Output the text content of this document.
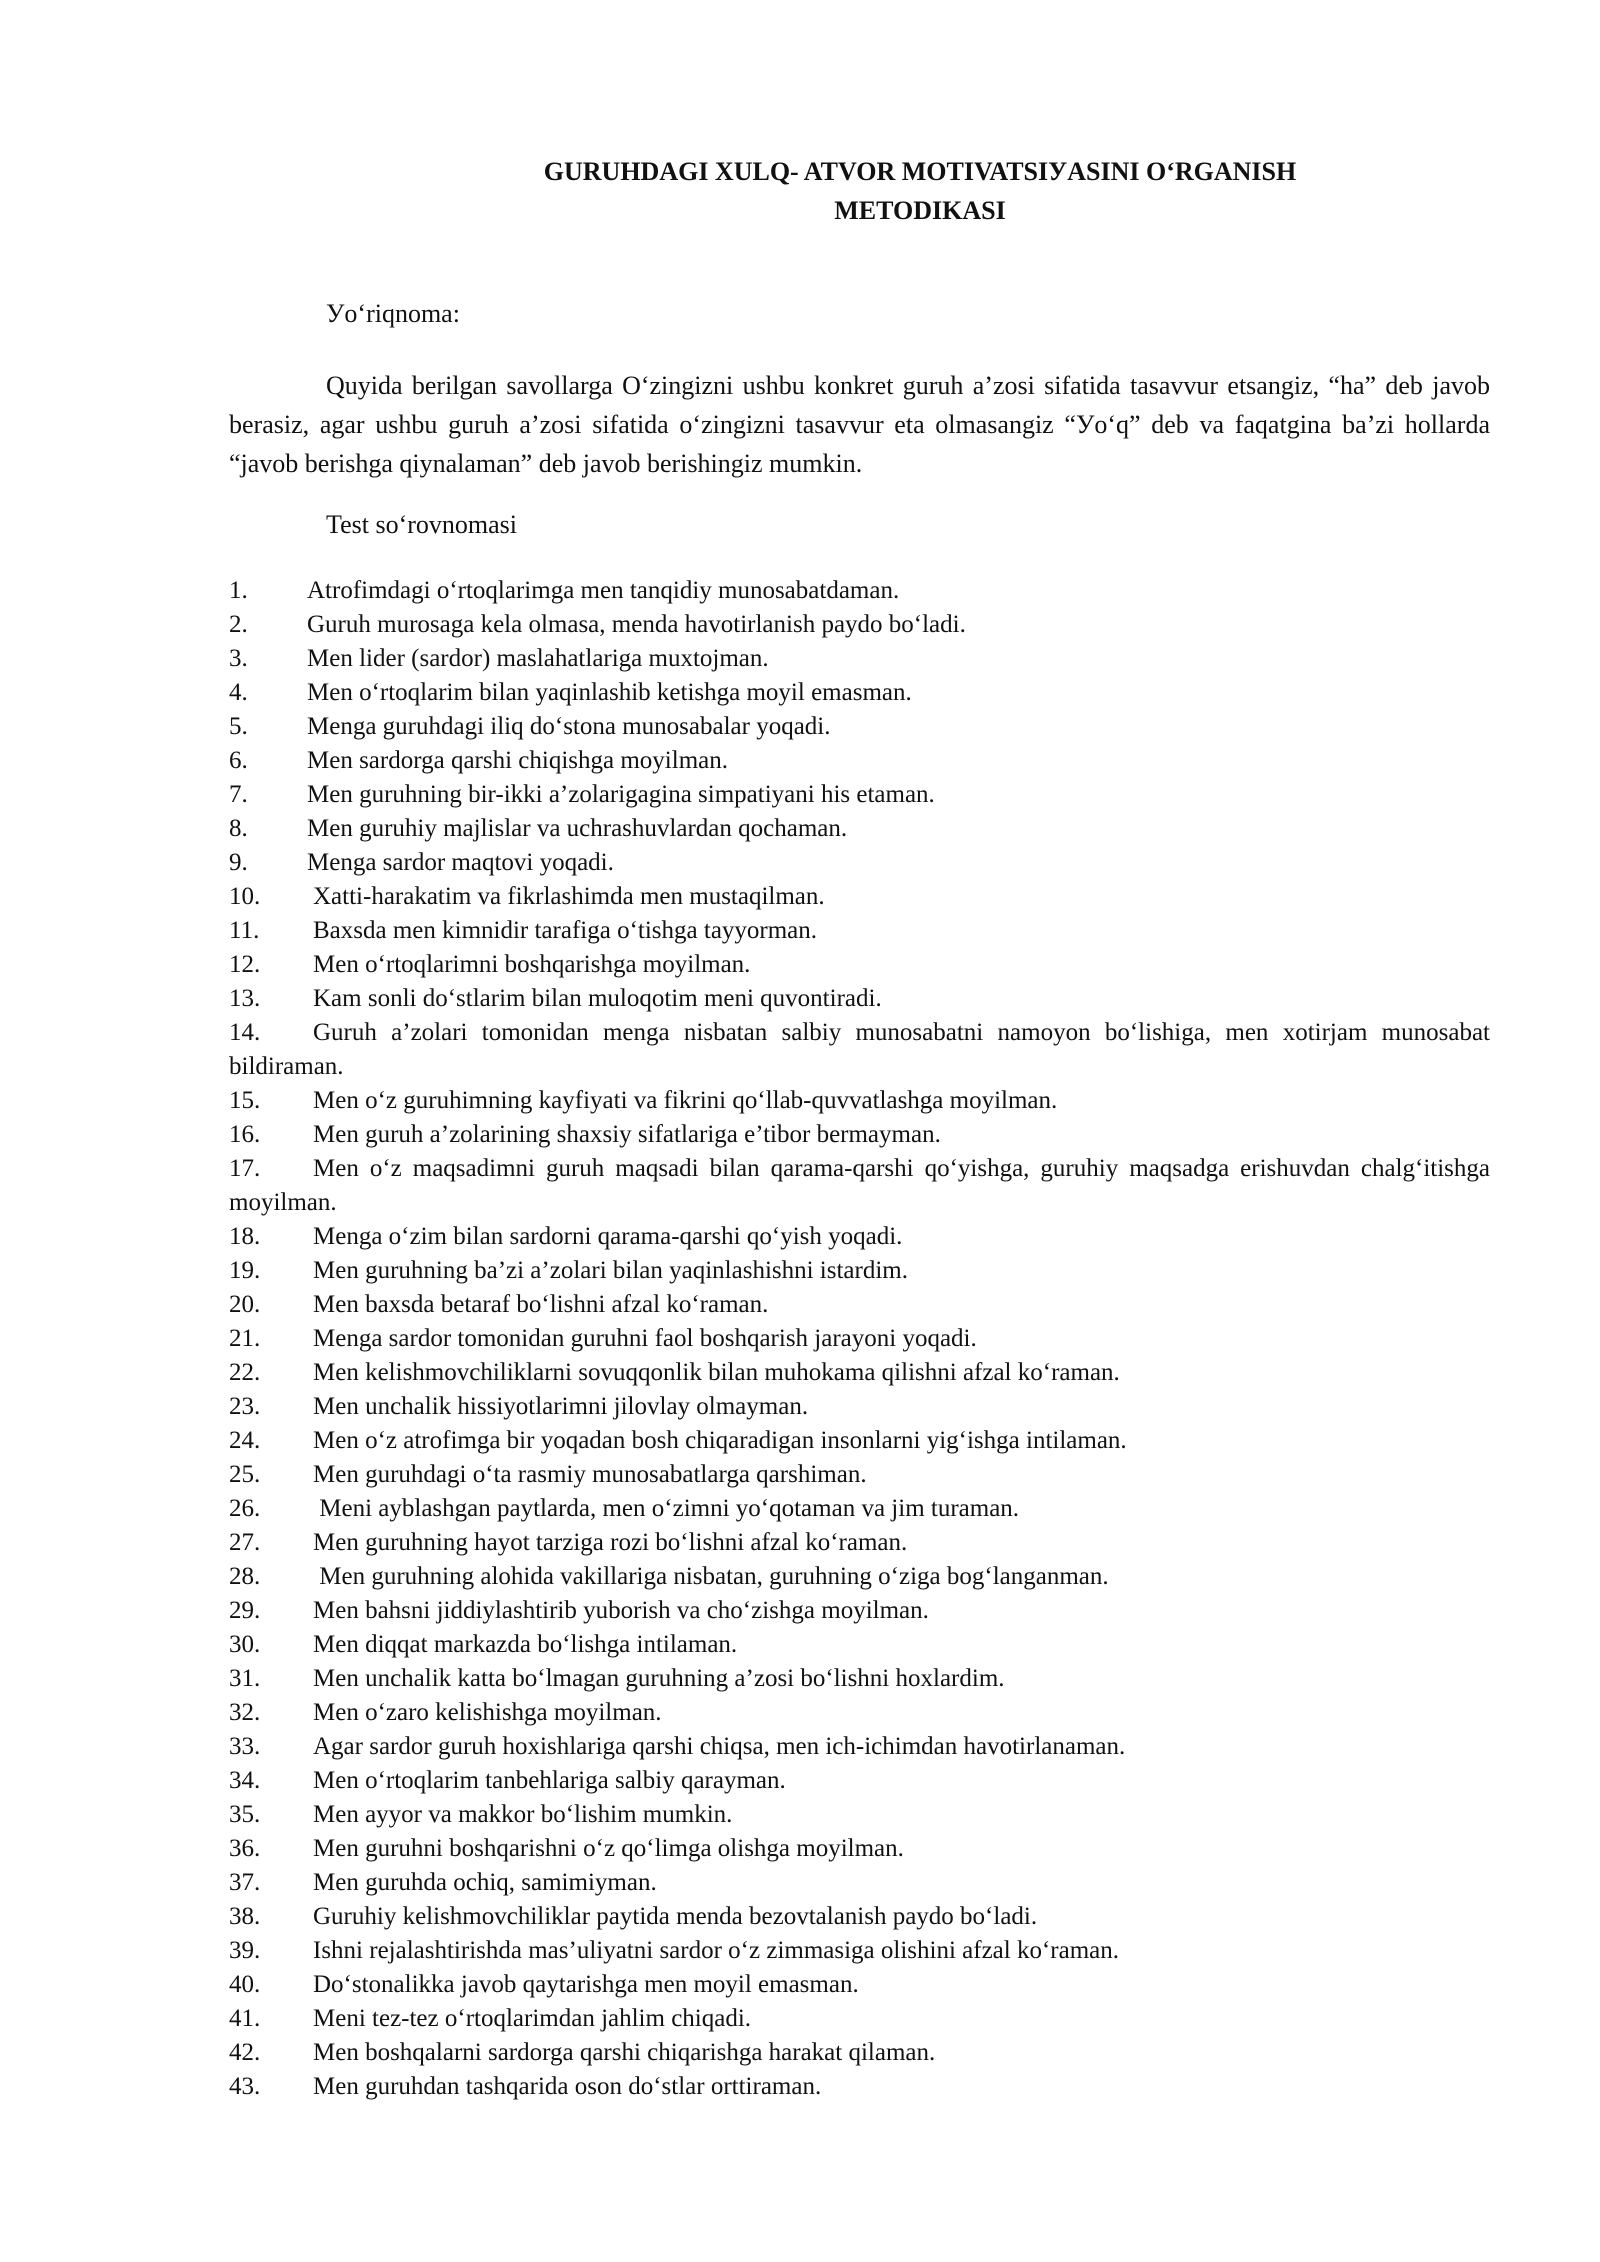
GURUHDAGI XULQ- ATVOR MOTIVATSIУASINI OʻRGANISH
METODIKASI
Уoʻriqnoma:
Quyida berilgan savollarga Oʻzingizni ushbu konkret guruh a’zosi sifatida tasavvur etsangiz, “ha” deb javob berasiz, agar ushbu guruh a’zosi sifatida oʻzingizni tasavvur eta olmasangiz “Уoʻq” deb va faqatgina ba’zi hollarda “javob berishga qiynalaman” deb javob berishingiz mumkin.
Test soʻrovnomasi
1. Atrofimdagi oʻrtoqlarimga men tanqidiy munosabatdaman.
2. Guruh murosaga kela olmasa, menda havotirlanish paydo boʻladi.
3. Men lider (sardor) maslahatlariga muxtojman.
4. Men oʻrtoqlarim bilan yaqinlashib ketishga moyil emasman.
5. Menga guruhdagi iliq doʻstona munosabalar yoqadi.
6. Men sardorga qarshi chiqishga moyilman.
7. Men guruhning bir-ikki a’zolarigagina simpatiyani his etaman.
8. Men guruhiy majlislar va uchrashuvlardan qochaman.
9. Menga sardor maqtovi yoqadi.
10. Xatti-harakatim va fikrlashimda men mustaqilman.
11. Baxsda men kimnidir tarafiga oʻtishga tayyorman.
12. Men oʻrtoqlarimni boshqarishga moyilman.
13. Kam sonli doʻstlarim bilan muloqotim meni quvontiradi.
14. Guruh a’zolari tomonidan menga nisbatan salbiy munosabatni namoyon boʻlishiga, men xotirjam munosabat bildiraman.
15. Men oʻz guruhimning kayfiyati va fikrini qoʻllab-quvvatlashga moyilman.
16. Men guruh a’zolarining shaxsiy sifatlariga e’tibor bermayman.
17. Men oʻz maqsadimni guruh maqsadi bilan qarama-qarshi qoʻyishga, guruhiy maqsadga erishuvdan chalgʻitishga moyilman.
18. Menga oʻzim bilan sardorni qarama-qarshi qoʻyish yoqadi.
19. Men guruhning ba’zi a’zolari bilan yaqinlashishni istardim.
20. Men baxsda betaraf boʻlishni afzal koʻraman.
21. Menga sardor tomonidan guruhni faol boshqarish jarayoni yoqadi.
22. Men kelishmovchiliklarni sovuqqonlik bilan muhokama qilishni afzal koʻraman.
23. Men unchalik hissiyotlarimni jilovlay olmayman.
24. Men oʻz atrofimga bir yoqadan bosh chiqaradigan insonlarni yigʻishga intilaman.
25. Men guruhdagi oʻta rasmiy munosabatlarga qarshiman.
26. Meni ayblashgan paytlarda, men oʻzimni yoʻqotaman va jim turaman.
27. Men guruhning hayot tarziga rozi boʻlishni afzal koʻraman.
28. Men guruhning alohida vakillariga nisbatan, guruhning oʻziga bogʻlanganman.
29. Men bahsni jiddiylashtirib yuborish va choʻzishga moyilman.
30. Men diqqat markazda boʻlishga intilaman.
31. Men unchalik katta boʻlmagan guruhning a’zosi boʻlishni hoxlardim.
32. Men oʻzaro kelishishga moyilman.
33. Agar sardor guruh hoxishlariga qarshi chiqsa, men ich-ichimdan havotirlanaman.
34. Men oʻrtoqlarim tanbehlariga salbiy qarayman.
35. Men ayyor va makkor boʻlishim mumkin.
36. Men guruhni boshqarishni oʻz qoʻlimga olishga moyilman.
37. Men guruhda ochiq, samimiyman.
38. Guruhiy kelishmovchiliklar paytida menda bezovtalanish paydo boʻladi.
39. Ishni rejalashtirishda mas’uliyatni sardor oʻz zimmasiga olishini afzal koʻraman.
40. Doʻstonalikka javob qaytarishga men moyil emasman.
41. Meni tez-tez oʻrtoqlarimdan jahlim chiqadi.
42. Men boshqalarni sardorga qarshi chiqarishga harakat qilaman.
43. Men guruhdan tashqarida oson doʻstlar orttiraman.
